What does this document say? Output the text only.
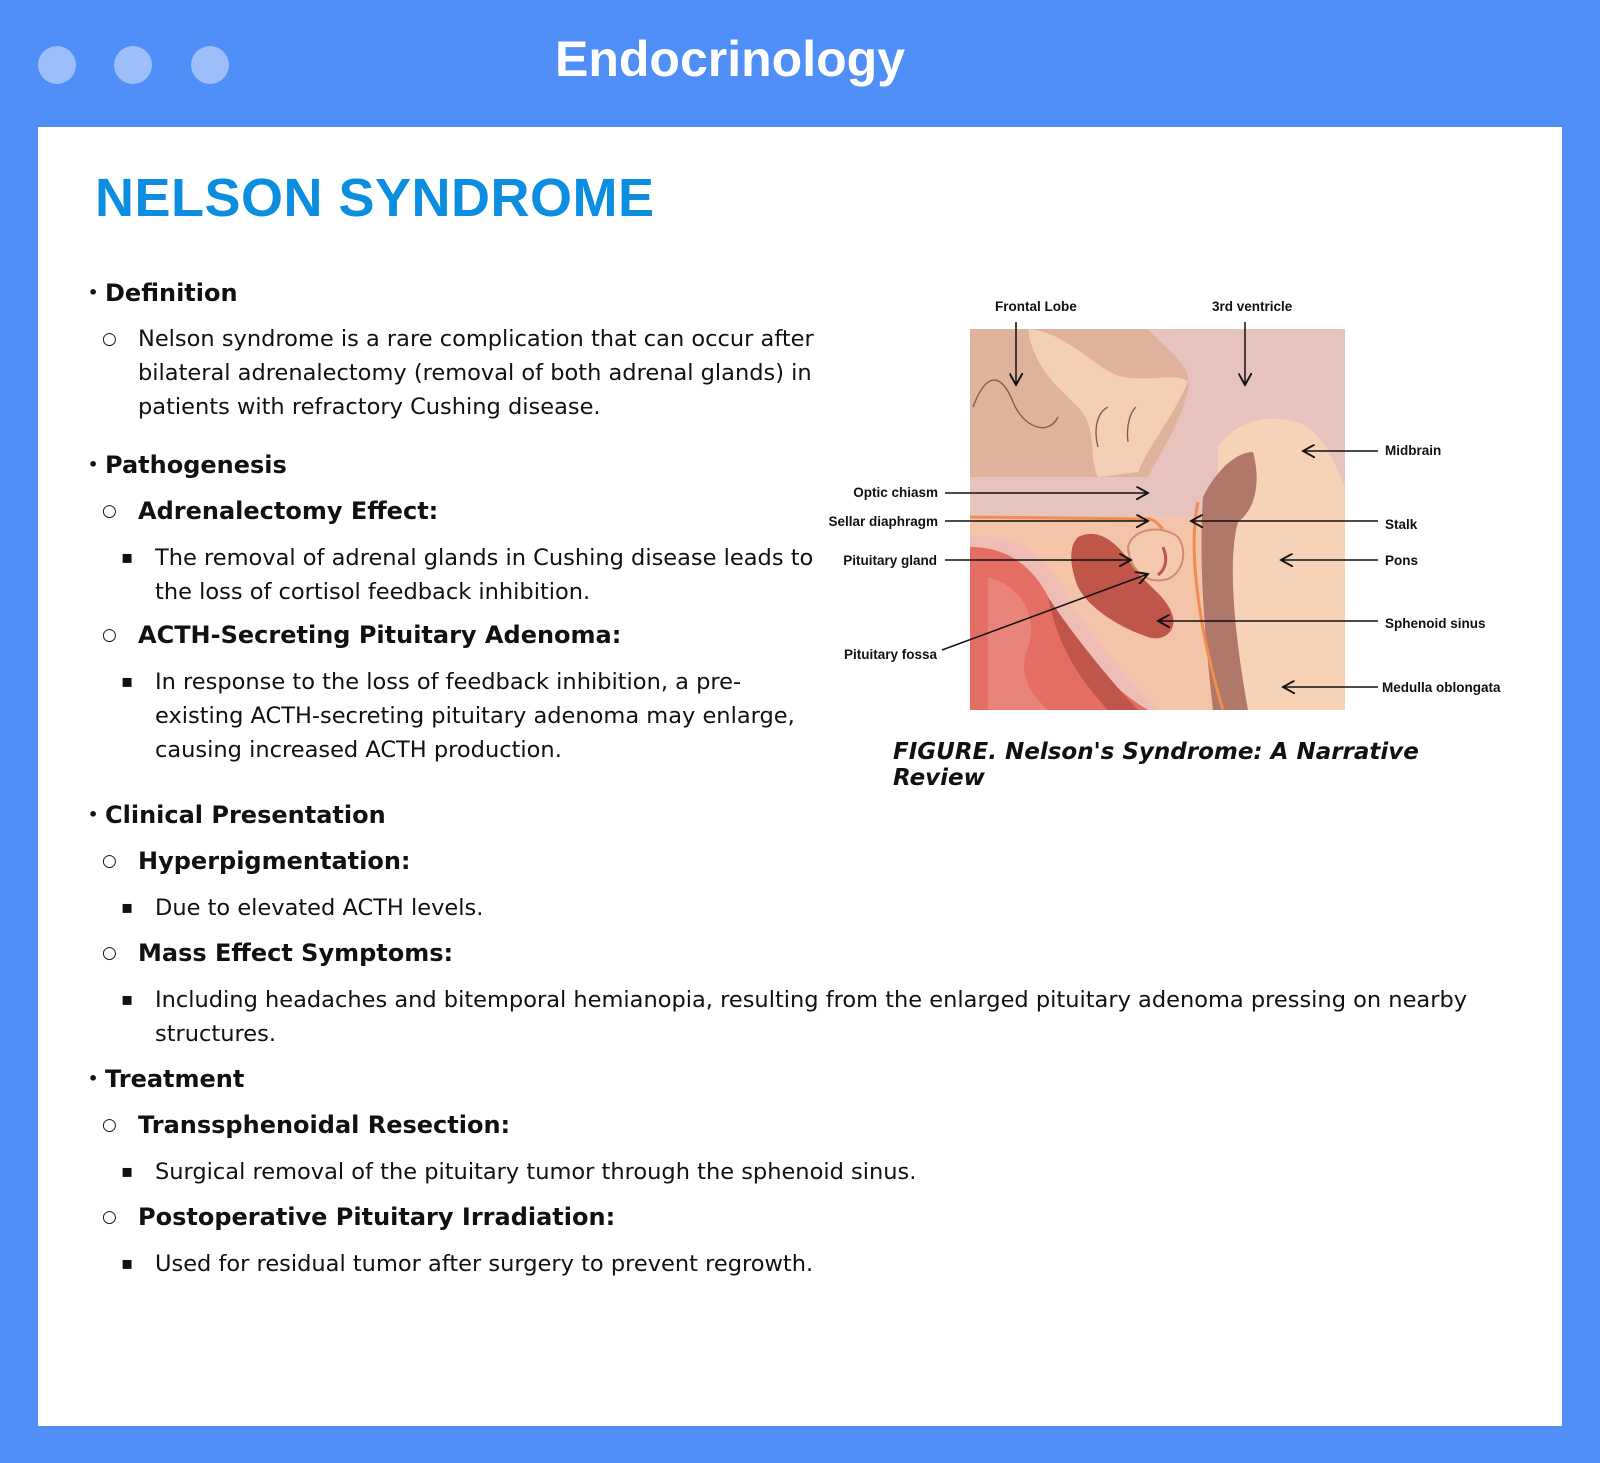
Endocrinology
NELSON SYNDROME
• Definition
○ Nelson syndrome is a rare complication that can occur after bilateral adrenalectomy (removal of both adrenal glands) in patients with refractory Cushing disease.
• Pathogenesis
○ Adrenalectomy Effect:
▪ The removal of adrenal glands in Cushing disease leads to the loss of cortisol feedback inhibition.
○ ACTH-Secreting Pituitary Adenoma:
▪ In response to the loss of feedback inhibition, a pre-existing ACTH-secreting pituitary adenoma may enlarge, causing increased ACTH production.
• Clinical Presentation
○ Hyperpigmentation:
▪ Due to elevated ACTH levels.
○ Mass Effect Symptoms:
▪ Including headaches and bitemporal hemianopia, resulting from the enlarged pituitary adenoma pressing on nearby structures.
• Treatment
○ Transsphenoidal Resection:
▪ Surgical removal of the pituitary tumor through the sphenoid sinus.
○ Postoperative Pituitary Irradiation:
▪ Used for residual tumor after surgery to prevent regrowth.
Frontal Lobe	3rd ventricle
Midbrain
Optic chiasm
Sellar diaphragm	Stalk
Pituitary gland	Pons
Sphenoid sinus
Pituitary fossa
Medulla oblongata
FIGURE. Nelson's Syndrome: A Narrative Review
